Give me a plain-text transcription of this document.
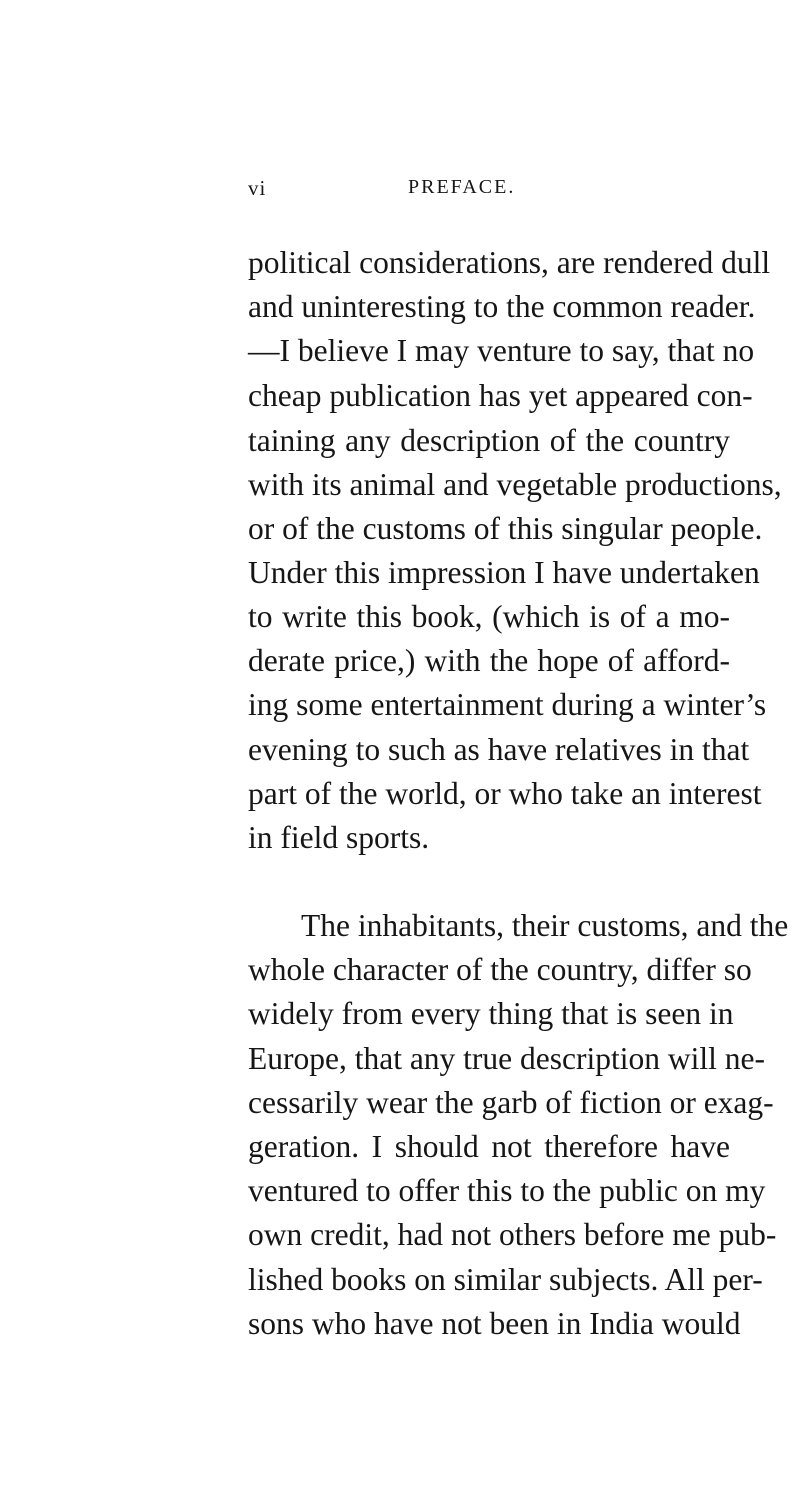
vi	PREFACE.
political considerations, are rendered dull
and uninteresting to the common reader.
—I believe I may venture to say, that no
cheap publication has yet appeared con-
taining any description of the country
with its animal and vegetable productions,
or of the customs of this singular people.
Under this impression I have undertaken
to write this book, (which is of a mo-
derate price,) with the hope of afford-
ing some entertainment during a winter’s
evening to such as have relatives in that
part of the world, or who take an interest
in field sports.
The inhabitants, their customs, and the
whole character of the country, differ so
widely from every thing that is seen in
Europe, that any true description will ne-
cessarily wear the garb of fiction or exag-
geration. I should not therefore have
ventured to offer this to the public on my
own credit, had not others before me pub-
lished books on similar subjects. All per-
sons who have not been in India would
